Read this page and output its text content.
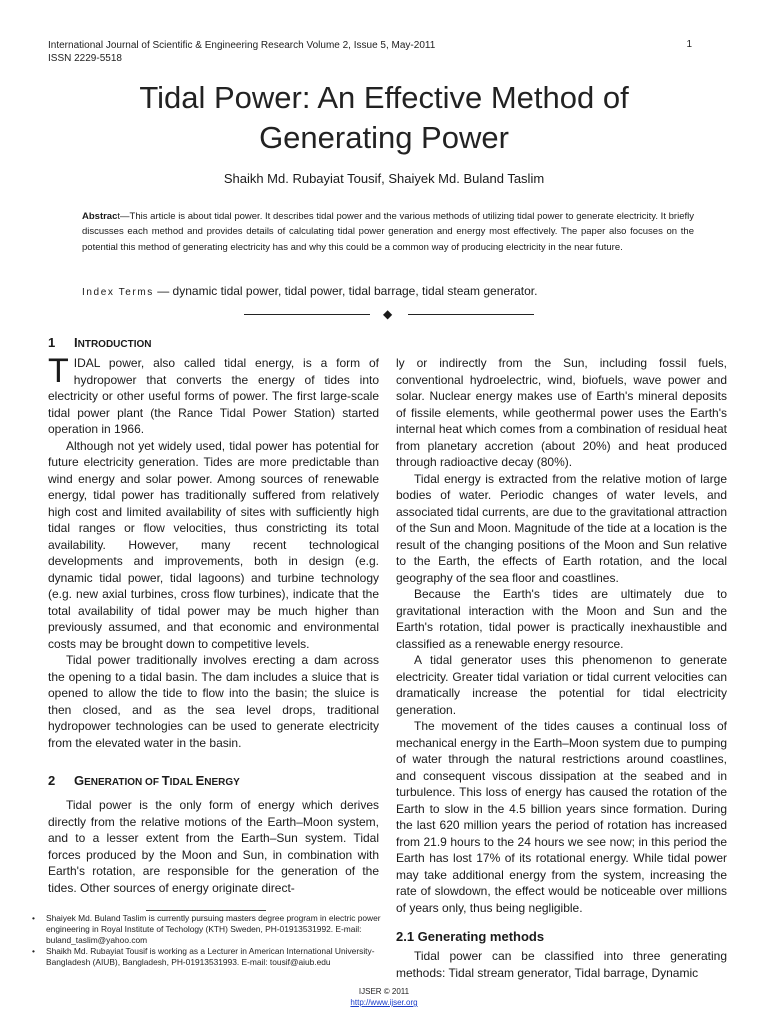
International Journal of Scientific & Engineering Research Volume 2, Issue 5, May-2011
ISSN 2229-5518
1
Tidal Power: An Effective Method of
Generating Power
Shaikh Md. Rubayiat Tousif, Shaiyek Md. Buland Taslim
Abstract—This article is about tidal power. It describes tidal power and the various methods of utilizing tidal power to generate electricity. It briefly discusses each method and provides details of calculating tidal power generation and energy most effectively. The paper also focuses on the potential this method of generating electricity has and why this could be a common way of producing electricity in the near future.
Index Terms — dynamic tidal power, tidal power, tidal barrage, tidal steam generator.
◆
1 INTRODUCTION

TIDAL power, also called tidal energy, is a form of hydropower that converts the energy of tides into electricity or other useful forms of power. The first large-scale tidal power plant (the Rance Tidal Power Station) started operation in 1966.

Although not yet widely used, tidal power has potential for future electricity generation. Tides are more predictable than wind energy and solar power. Among sources of renewable energy, tidal power has traditionally suffered from relatively high cost and limited availability of sites with sufficiently high tidal ranges or flow velocities, thus constricting its total availability. However, many recent technological developments and improvements, both in design (e.g. dynamic tidal power, tidal lagoons) and turbine technology (e.g. new axial turbines, cross flow turbines), indicate that the total availability of tidal power may be much higher than previously assumed, and that economic and environmental costs may be brought down to competitive levels.

Tidal power traditionally involves erecting a dam across the opening to a tidal basin. The dam includes a sluice that is opened to allow the tide to flow into the basin; the sluice is then closed, and as the sea level drops, traditional hydropower technologies can be used to generate electricity from the elevated water in the basin.

2 GENERATION OF TIDAL ENERGY

Tidal power is the only form of energy which derives directly from the relative motions of the Earth–Moon system, and to a lesser extent from the Earth–Sun system. Tidal forces produced by the Moon and Sun, in combination with Earth's rotation, are responsible for the generation of the tides. Other sources of energy originate direct-

ly or indirectly from the Sun, including fossil fuels, conventional hydroelectric, wind, biofuels, wave power and solar. Nuclear energy makes use of Earth's mineral deposits of fissile elements, while geothermal power uses the Earth's internal heat which comes from a combination of residual heat from planetary accretion (about 20%) and heat produced through radioactive decay (80%).

Tidal energy is extracted from the relative motion of large bodies of water. Periodic changes of water levels, and associated tidal currents, are due to the gravitational attraction of the Sun and Moon. Magnitude of the tide at a location is the result of the changing positions of the Moon and Sun relative to the Earth, the effects of Earth rotation, and the local geography of the sea floor and coastlines.

Because the Earth's tides are ultimately due to gravitational interaction with the Moon and Sun and the Earth's rotation, tidal power is practically inexhaustible and classified as a renewable energy resource.

A tidal generator uses this phenomenon to generate electricity. Greater tidal variation or tidal current velocities can dramatically increase the potential for tidal electricity generation.

The movement of the tides causes a continual loss of mechanical energy in the Earth–Moon system due to pumping of water through the natural restrictions around coastlines, and consequent viscous dissipation at the seabed and in turbulence. This loss of energy has caused the rotation of the Earth to slow in the 4.5 billion years since formation. During the last 620 million years the period of rotation has increased from 21.9 hours to the 24 hours we see now; in this period the Earth has lost 17% of its rotational energy. While tidal power may take additional energy from the system, increasing the rate of slowdown, the effect would be noticeable over millions of years only, thus being negligible.

2.1 Generating methods

Tidal power can be classified into three generating methods: Tidal stream generator, Tidal barrage, Dynamic

• Shaiyek Md. Buland Taslim is currently pursuing masters degree program in electric power engineering in Royal Institute of Techology (KTH) Sweden, PH-01913531992. E-mail: buland_taslim@yahoo.com
• Shaikh Md. Rubayiat Tousif is working as a Lecturer in American International University-Bangladesh (AIUB), Bangladesh, PH-01913531993. E-mail: tousif@aiub.edu
IJSER © 2011
http://www.ijser.org
